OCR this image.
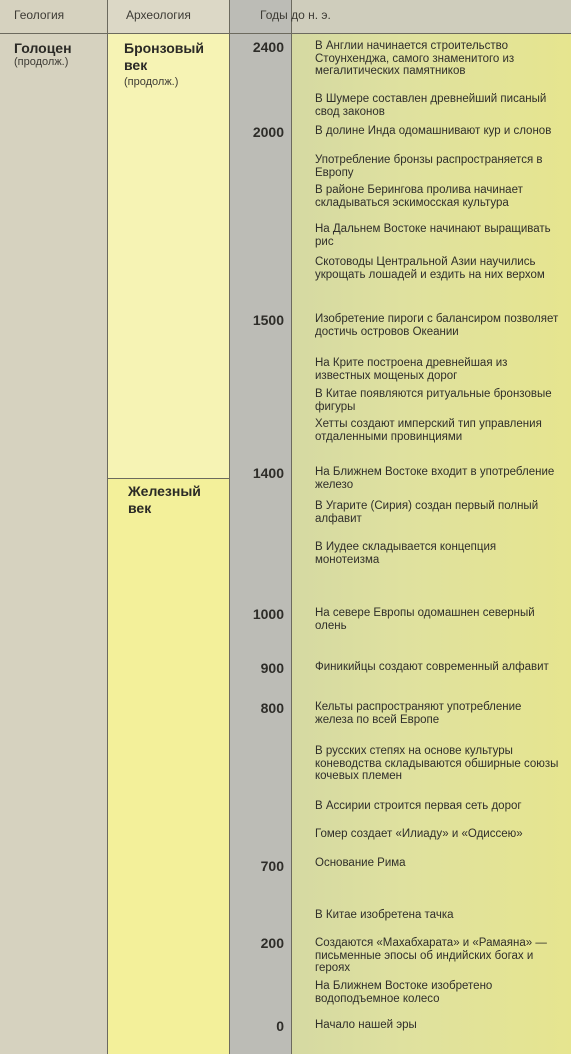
Геология	Археология	Годы до н. э.
Голоцен
(продолж.)
Бронзовый
век
(продолж.)
Железный
век
2400
2000
1500
1400
1000
900
800
700
200
0
В Англии начинается строительство Стоунхенджа, самого знаменитого из мегалитических памятников
В Шумере составлен древнейший писаный свод законов
В долине Инда одомашнивают кур и слонов
Употребление бронзы распространяется в Европу
В районе Берингова пролива начинает складываться эскимосская культура
На Дальнем Востоке начинают выращивать рис
Скотоводы Центральной Азии научились укрощать лошадей и ездить на них верхом
Изобретение пироги с балансиром позволяет достичь островов Океании
На Крите построена древнейшая из известных мощеных дорог
В Китае появляются ритуальные бронзовые фигуры
Хетты создают имперский тип управления отдаленными провинциями
На Ближнем Востоке входит в употребление железо
В Угарите (Сирия) создан первый полный алфавит
В Иудее складывается концепция монотеизма
На севере Европы одомашнен северный олень
Финикийцы создают современный алфавит
Кельты распространяют употребление железа по всей Европе
В русских степях на основе культуры коневодства складываются обширные союзы кочевых племен
В Ассирии строится первая сеть дорог
Гомер создает «Илиаду» и «Одиссею»
Основание Рима
В Китае изобретена тачка
Создаются «Махабхарата» и «Рамаяна» — письменные эпосы об индийских богах и героях
На Ближнем Востоке изобретено водоподъемное колесо
Начало нашей эры
